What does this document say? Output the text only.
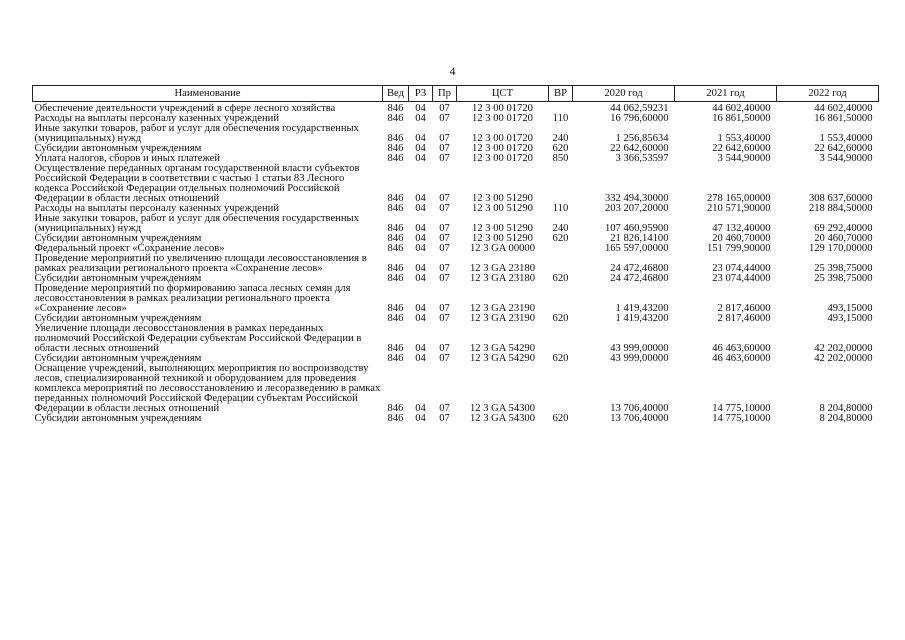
4
Наименование	Вед	РЗ	Пр	ЦСТ	ВР	2020 год	2021 год	2022 год
Обеспечение деятельности учреждений в сфере лесного хозяйства	846	04	07	12 3 00 01720		44 062,59231	44 602,40000	44 602,40000
Расходы на выплаты персоналу казенных учреждений	846	04	07	12 3 00 01720	110	16 796,60000	16 861,50000	16 861,50000
Иные закупки товаров, работ и услуг для обеспечения государственных (муниципальных) нужд	846	04	07	12 3 00 01720	240	1 256,85634	1 553,40000	1 553,40000
Субсидии автономным учреждениям	846	04	07	12 3 00 01720	620	22 642,60000	22 642,60000	22 642,60000
Уплата налогов, сборов и иных платежей	846	04	07	12 3 00 01720	850	3 366,53597	3 544,90000	3 544,90000
Осуществление переданных органам государственной власти субъектов Российской Федерации в соответствии с частью 1 статьи 83 Лесного кодекса Российской Федерации отдельных полномочий Российской Федерации в области лесных отношений	846	04	07	12 3 00 51290		332 494,30000	278 165,00000	308 637,60000
Расходы на выплаты персоналу казенных учреждений	846	04	07	12 3 00 51290	110	203 207,20000	210 571,90000	218 884,50000
Иные закупки товаров, работ и услуг для обеспечения государственных (муниципальных) нужд	846	04	07	12 3 00 51290	240	107 460,95900	47 132,40000	69 292,40000
Субсидии автономным учреждениям	846	04	07	12 3 00 51290	620	21 826,14100	20 460,70000	20 460,70000
Федеральный проект «Сохранение лесов»	846	04	07	12 3 GA 00000		165 597,00000	151 799,90000	129 170,00000
Проведение мероприятий по увеличению площади лесовосстановления в рамках реализации регионального проекта «Сохранение лесов»	846	04	07	12 3 GA 23180		24 472,46800	23 074,44000	25 398,75000
Субсидии автономным учреждениям	846	04	07	12 3 GA 23180	620	24 472,46800	23 074,44000	25 398,75000
Проведение мероприятий по формированию запаса лесных семян для лесовосстановления в рамках реализации регионального проекта «Сохранение лесов»	846	04	07	12 3 GA 23190		1 419,43200	2 817,46000	493,15000
Субсидии автономным учреждениям	846	04	07	12 3 GA 23190	620	1 419,43200	2 817,46000	493,15000
Увеличение площади лесовосстановления в рамках переданных полномочий Российской Федерации субъектам Российской Федерации в области лесных отношений	846	04	07	12 3 GA 54290		43 999,00000	46 463,60000	42 202,00000
Субсидии автономным учреждениям	846	04	07	12 3 GA 54290	620	43 999,00000	46 463,60000	42 202,00000
Оснащение учреждений, выполняющих мероприятия по воспроизводству лесов, специализированной техникой и оборудованием для проведения комплекса мероприятий по лесовосстановлению и лесоразведению в рамках переданных полномочий Российской Федерации субъектам Российской Федерации в области лесных отношений	846	04	07	12 3 GA 54300		13 706,40000	14 775,10000	8 204,80000
Субсидии автономным учреждениям	846	04	07	12 3 GA 54300	620	13 706,40000	14 775,10000	8 204,80000
